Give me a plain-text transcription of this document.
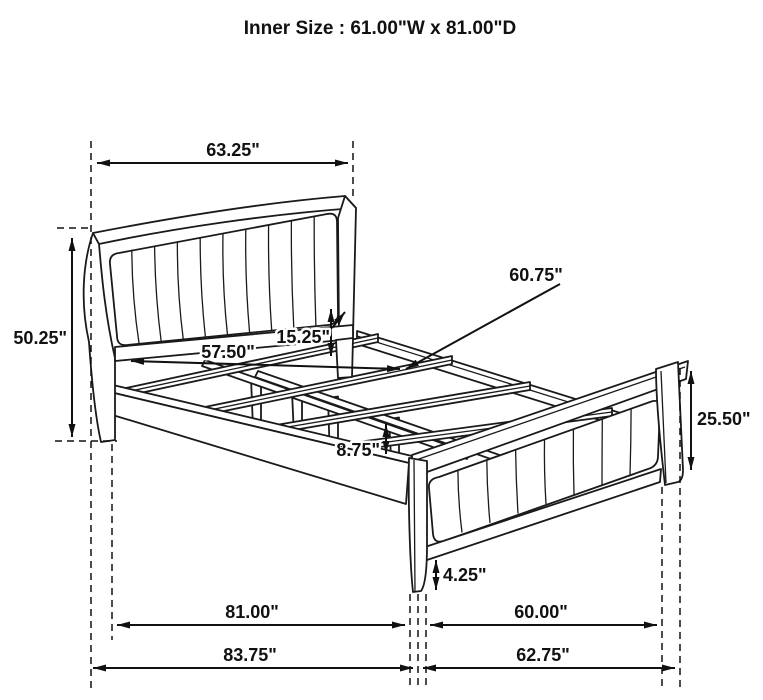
Inner Size : 61.00"W x 81.00"D
63.25"
50.25"
57.50"
15.25"
60.75"
8.75"
25.50"
4.25"
81.00"	60.00"
83.75"	62.75"
